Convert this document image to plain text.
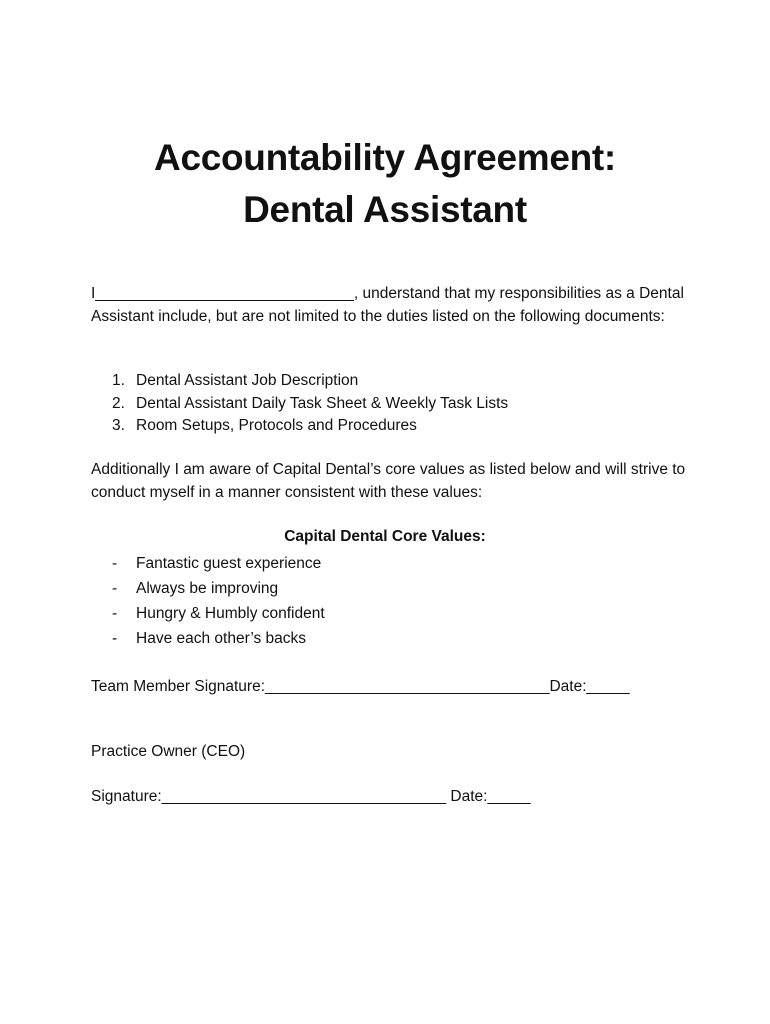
Accountability Agreement:
Dental Assistant

I______________________________, understand that my responsibilities as a Dental Assistant include, but are not limited to the duties listed on the following documents:

1. Dental Assistant Job Description
2. Dental Assistant Daily Task Sheet & Weekly Task Lists
3. Room Setups, Protocols and Procedures

Additionally I am aware of Capital Dental’s core values as listed below and will strive to conduct myself in a manner consistent with these values:

Capital Dental Core Values:
- Fantastic guest experience
- Always be improving
- Hungry & Humbly confident
- Have each other’s backs

Team Member Signature:_________________________________Date:_____

Practice Owner (CEO)

Signature:_________________________________ Date:_____
